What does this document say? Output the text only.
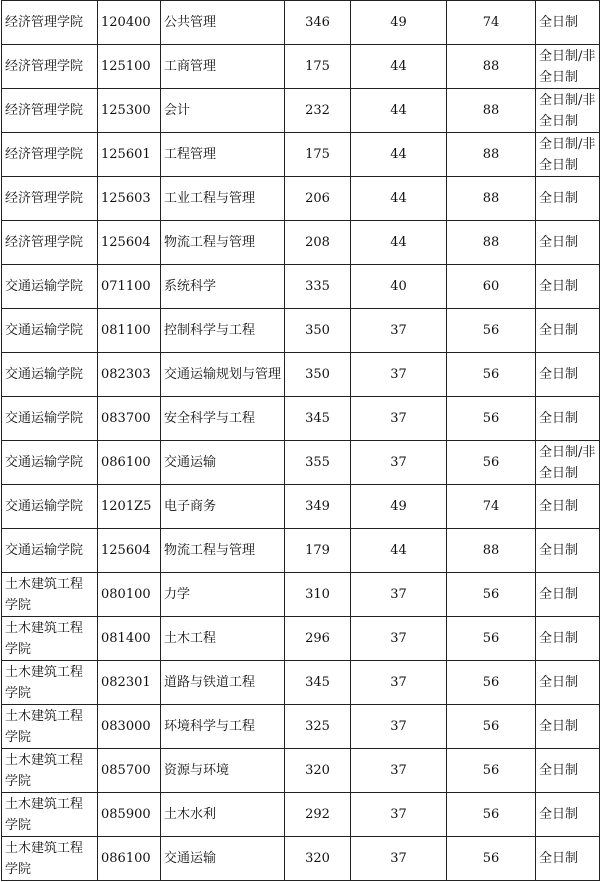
经济管理学院	120400	公共管理	346	49	74	全日制
经济管理学院	125100	工商管理	175	44	88	全日制/非全日制
经济管理学院	125300	会计	232	44	88	全日制/非全日制
经济管理学院	125601	工程管理	175	44	88	全日制/非全日制
经济管理学院	125603	工业工程与管理	206	44	88	全日制
经济管理学院	125604	物流工程与管理	208	44	88	全日制
交通运输学院	071100	系统科学	335	40	60	全日制
交通运输学院	081100	控制科学与工程	350	37	56	全日制
交通运输学院	082303	交通运输规划与管理	350	37	56	全日制
交通运输学院	083700	安全科学与工程	345	37	56	全日制
交通运输学院	086100	交通运输	355	37	56	全日制/非全日制
交通运输学院	1201Z5	电子商务	349	49	74	全日制
交通运输学院	125604	物流工程与管理	179	44	88	全日制
土木建筑工程学院	080100	力学	310	37	56	全日制
土木建筑工程学院	081400	土木工程	296	37	56	全日制
土木建筑工程学院	082301	道路与铁道工程	345	37	56	全日制
土木建筑工程学院	083000	环境科学与工程	325	37	56	全日制
土木建筑工程学院	085700	资源与环境	320	37	56	全日制
土木建筑工程学院	085900	土木水利	292	37	56	全日制
土木建筑工程学院	086100	交通运输	320	37	56	全日制
